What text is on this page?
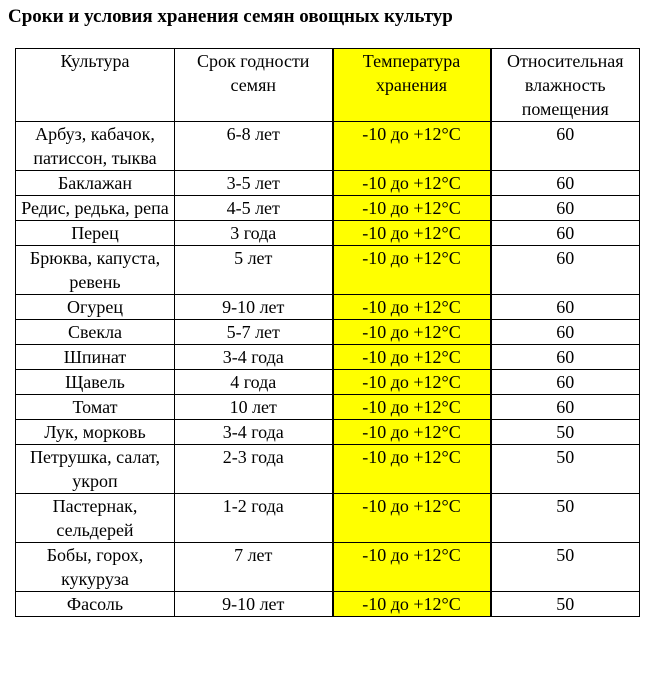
Сроки и условия хранения семян овощных культур
Культура	Срок годности семян	Температура хранения	Относительная влажность помещения
Арбуз, кабачок, патиссон, тыква	6-8 лет	-10 до +12°С	60
Баклажан	3-5 лет	-10 до +12°С	60
Редис, редька, репа	4-5 лет	-10 до +12°С	60
Перец	3 года	-10 до +12°С	60
Брюква, капуста, ревень	5 лет	-10 до +12°С	60
Огурец	9-10 лет	-10 до +12°С	60
Свекла	5-7 лет	-10 до +12°С	60
Шпинат	3-4 года	-10 до +12°С	60
Щавель	4 года	-10 до +12°С	60
Томат	10 лет	-10 до +12°С	60
Лук, морковь	3-4 года	-10 до +12°С	50
Петрушка, салат, укроп	2-3 года	-10 до +12°С	50
Пастернак, сельдерей	1-2 года	-10 до +12°С	50
Бобы, горох, кукуруза	7 лет	-10 до +12°С	50
Фасоль	9-10 лет	-10 до +12°С	50
